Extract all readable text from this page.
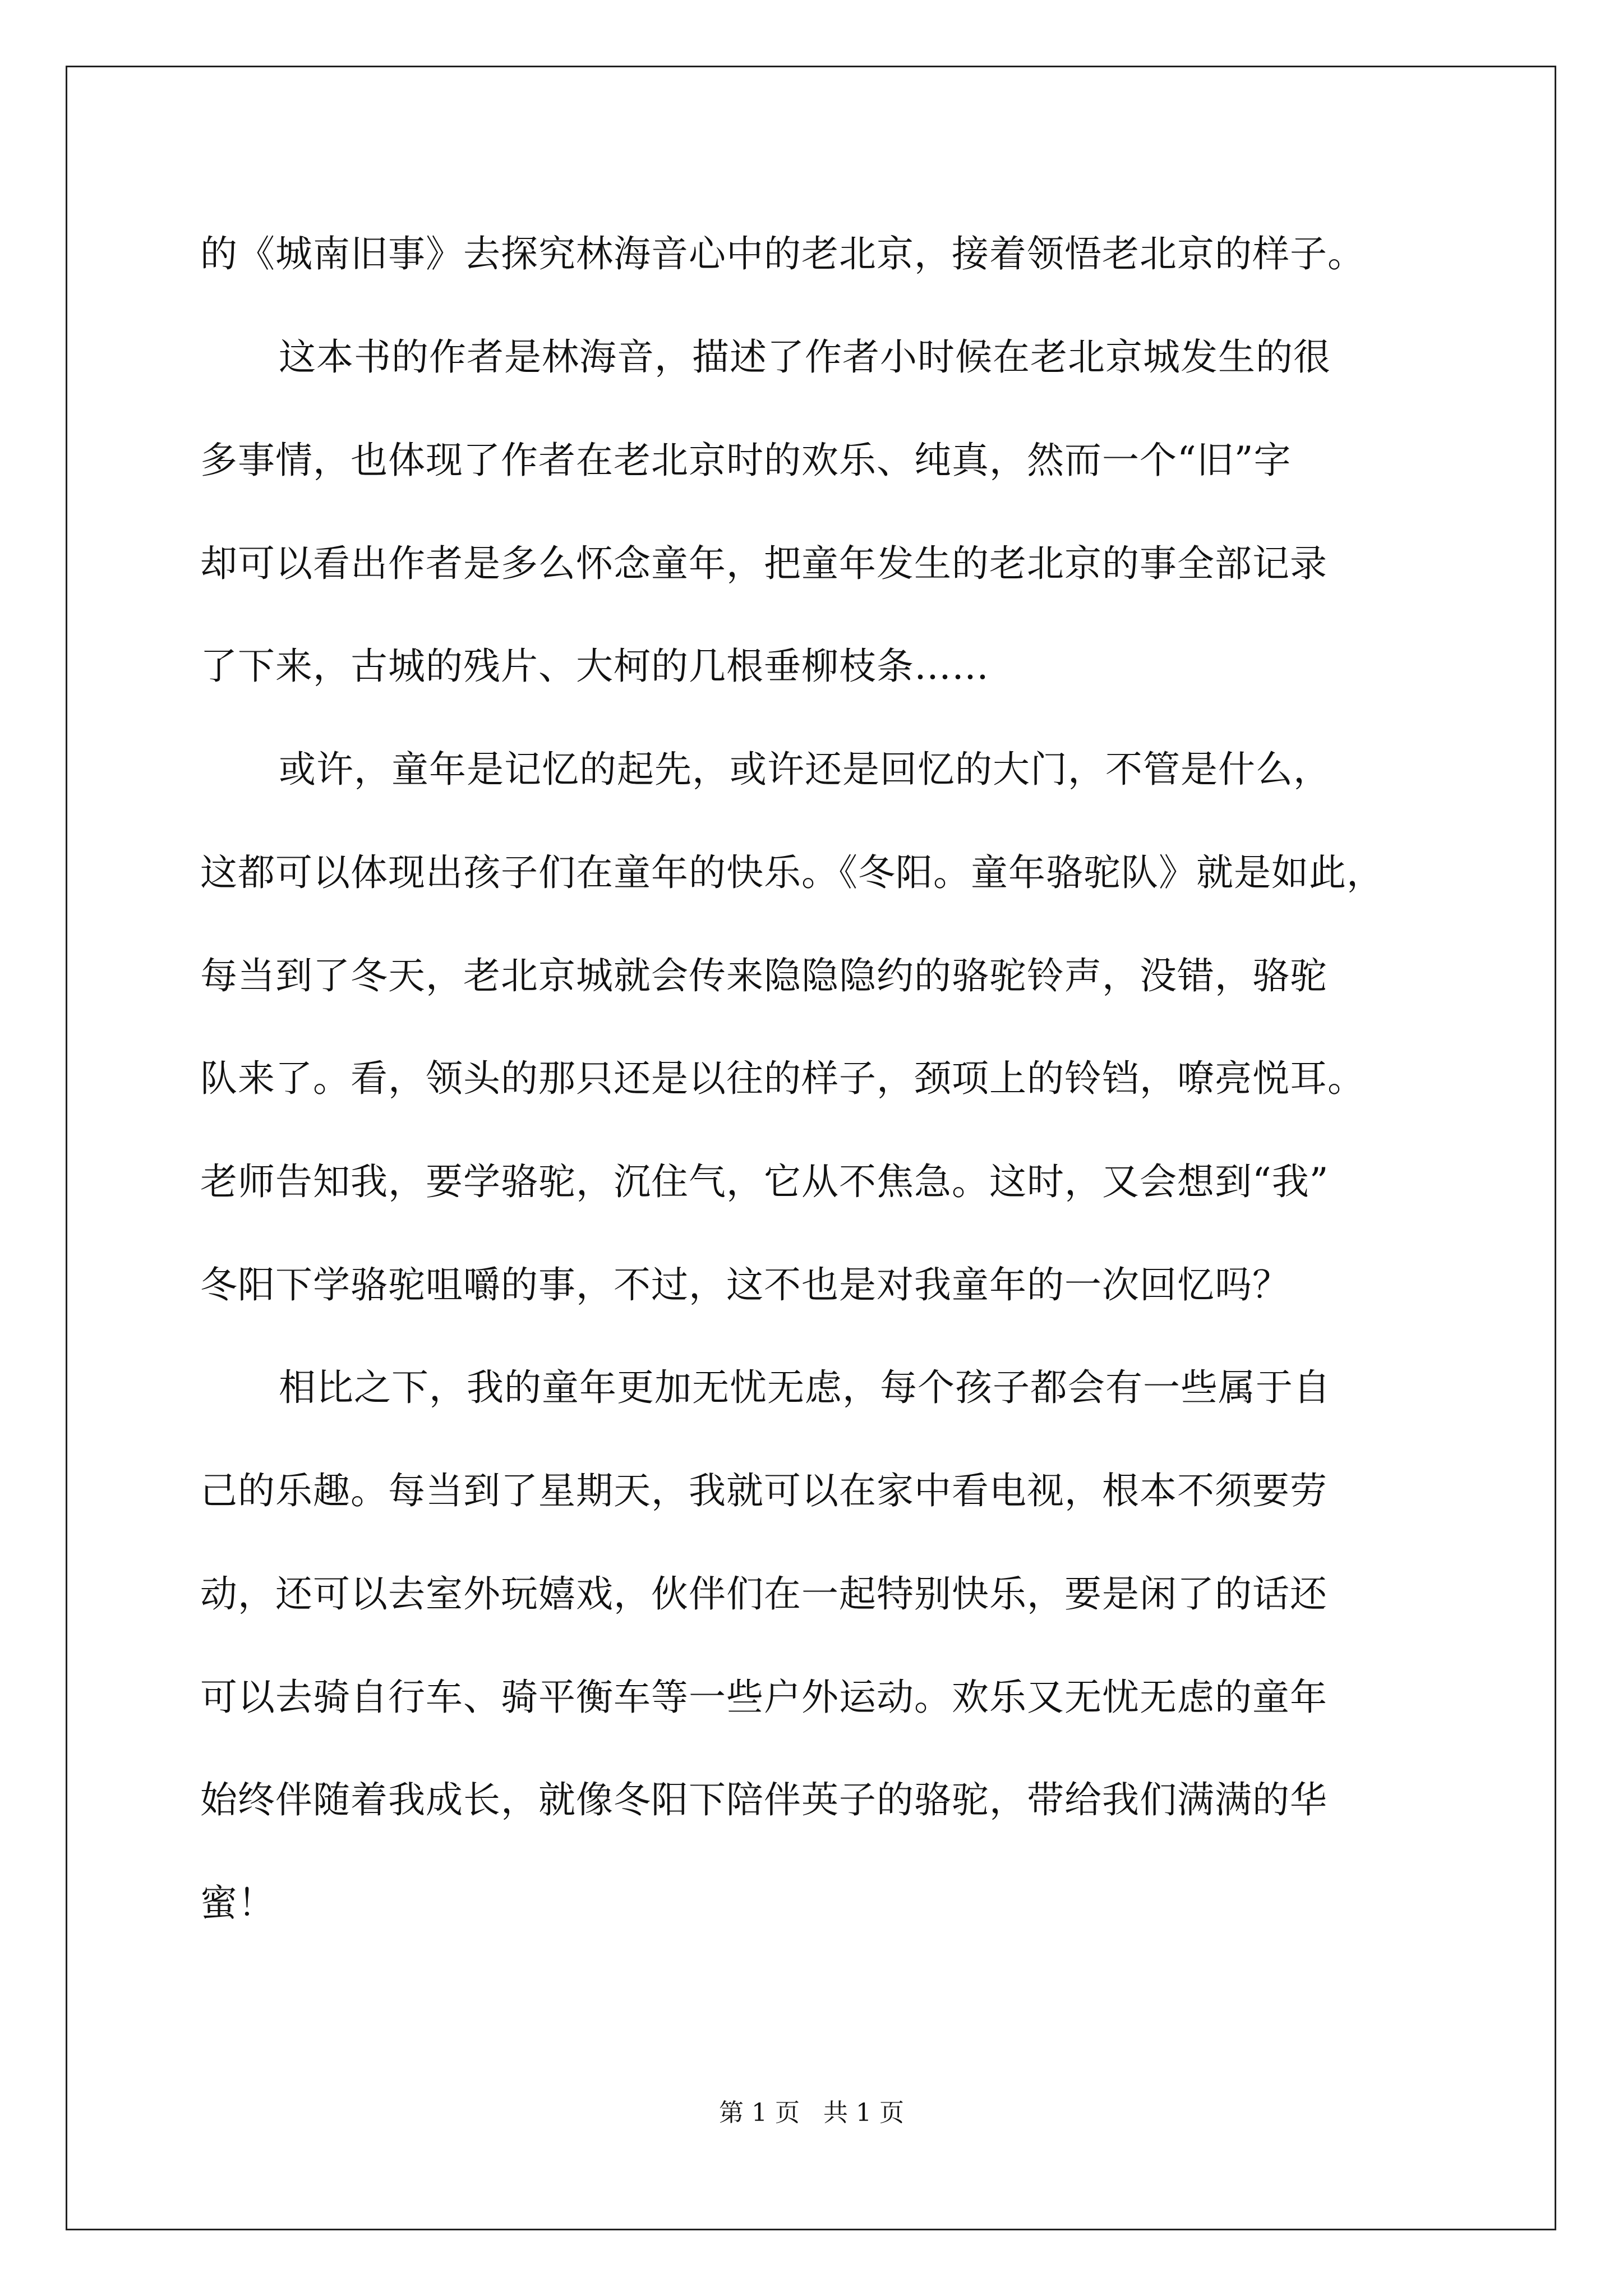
的《城南旧事》去探究林海音心中的老北京，接着领悟老北京的样子。
这本书的作者是林海音，描述了作者小时候在老北京城发生的很
多事情，也体现了作者在老北京时的欢乐、纯真，然而一个“旧”字
却可以看出作者是多么怀念童年，把童年发生的老北京的事全部记录
了下来，古城的残片、大柯的几根垂柳枝条……
或许，童年是记忆的起先，或许还是回忆的大门，不管是什么，
这都可以体现出孩子们在童年的快乐。《冬阳。童年骆驼队》就是如此，
每当到了冬天，老北京城就会传来隐隐隐约的骆驼铃声，没错，骆驼
队来了。看，领头的那只还是以往的样子，颈项上的铃铛，嘹亮悦耳。
老师告知我，要学骆驼，沉住气，它从不焦急。这时，又会想到“我”
冬阳下学骆驼咀嚼的事，不过，这不也是对我童年的一次回忆吗？
相比之下，我的童年更加无忧无虑，每个孩子都会有一些属于自
己的乐趣。每当到了星期天，我就可以在家中看电视，根本不须要劳
动，还可以去室外玩嬉戏，伙伴们在一起特别快乐，要是闲了的话还
可以去骑自行车、骑平衡车等一些户外运动。欢乐又无忧无虑的童年
始终伴随着我成长，就像冬阳下陪伴英子的骆驼，带给我们满满的华
蜜！
第 1 页   共 1 页
